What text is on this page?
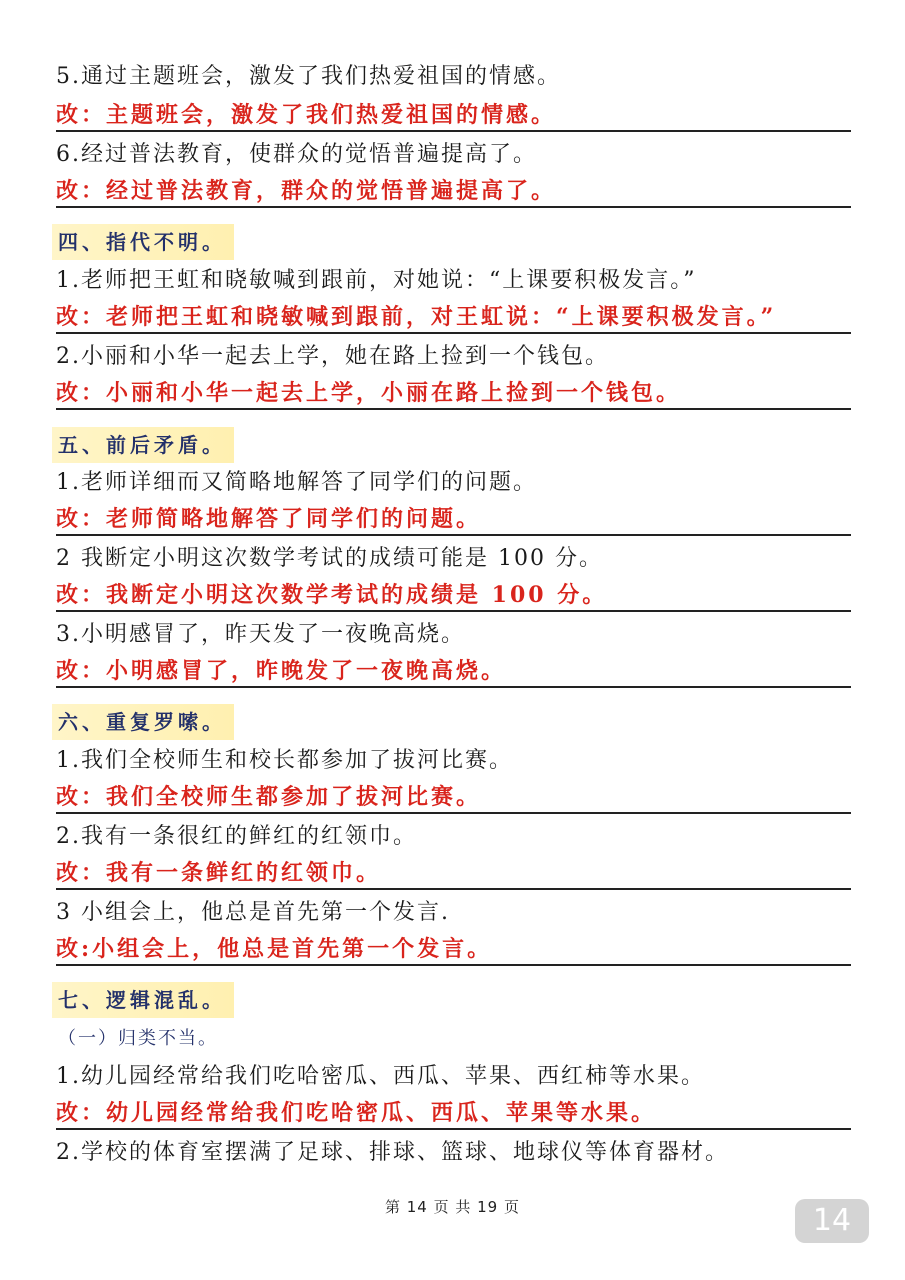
5.通过主题班会，激发了我们热爱祖国的情感。
改：主题班会，激发了我们热爱祖国的情感。
6.经过普法教育，使群众的觉悟普遍提高了。
改：经过普法教育，群众的觉悟普遍提高了。
四、指代不明。
1.老师把王虹和晓敏喊到跟前，对她说：“上课要积极发言。”
改：老师把王虹和晓敏喊到跟前，对王虹说：“上课要积极发言。”
2.小丽和小华一起去上学，她在路上捡到一个钱包。
改：小丽和小华一起去上学，小丽在路上捡到一个钱包。
五、前后矛盾。
1.老师详细而又简略地解答了同学们的问题。
改：老师简略地解答了同学们的问题。
2 我断定小明这次数学考试的成绩可能是 100 分。
改：我断定小明这次数学考试的成绩是 100 分。
3.小明感冒了，昨天发了一夜晚高烧。
改：小明感冒了，昨晚发了一夜晚高烧。
六、重复罗嗦。
1.我们全校师生和校长都参加了拔河比赛。
改：我们全校师生都参加了拔河比赛。
2.我有一条很红的鲜红的红领巾。
改：我有一条鲜红的红领巾。
3 小组会上，他总是首先第一个发言.
改:小组会上，他总是首先第一个发言。
七、逻辑混乱。
（一）归类不当。
1.幼儿园经常给我们吃哈密瓜、西瓜、苹果、西红柿等水果。
改：幼儿园经常给我们吃哈密瓜、西瓜、苹果等水果。
2.学校的体育室摆满了足球、排球、篮球、地球仪等体育器材。
第 14 页 共 19 页	14
